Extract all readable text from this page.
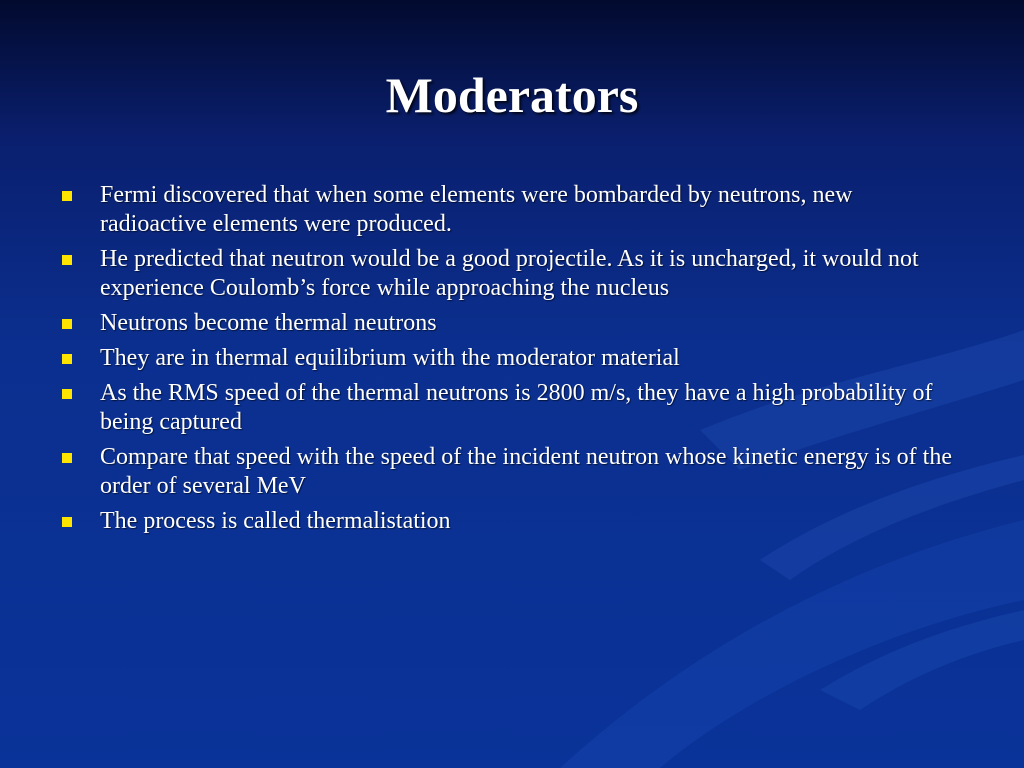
Moderators
Fermi discovered that when some elements were bombarded by neutrons, new radioactive elements were produced.
He predicted that neutron would be a good projectile. As it is uncharged, it would not experience Coulomb’s force while approaching the nucleus
Neutrons become thermal neutrons
They are in thermal equilibrium with the moderator material
As the RMS speed of the thermal neutrons is 2800 m/s, they have a high probability of being captured
Compare that speed with the speed of the incident neutron whose kinetic energy is of the order of several MeV
The process is called thermalistation
